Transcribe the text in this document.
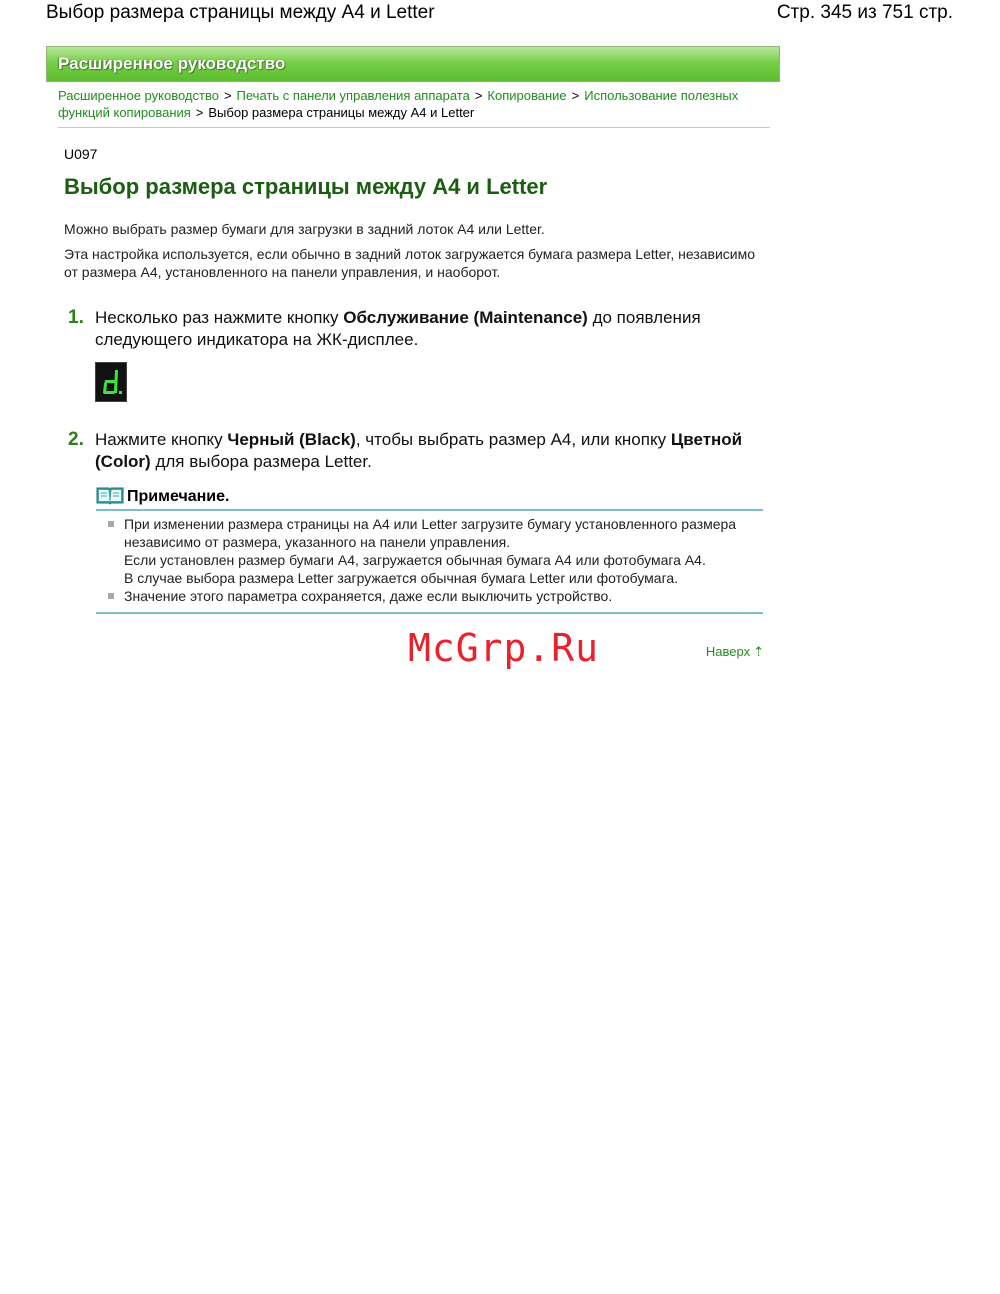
Выбор размера страницы между А4 и Letter	Стр. 345 из 751 стр.
Расширенное руководство
Расширенное руководство > Печать с панели управления аппарата > Копирование > Использование полезных функций копирования > Выбор размера страницы между А4 и Letter
U097
Выбор размера страницы между A4 и Letter

Можно выбрать размер бумаги для загрузки в задний лоток A4 или Letter.

Эта настройка используется, если обычно в задний лоток загружается бумага размера Letter, независимо от размера A4, установленного на панели управления, и наоборот.

1. Несколько раз нажмите кнопку Обслуживание (Maintenance) до появления следующего индикатора на ЖК-дисплее.
2. Нажмите кнопку Черный (Black), чтобы выбрать размер A4, или кнопку Цветной (Color) для выбора размера Letter.
Примечание.
При изменении размера страницы на A4 или Letter загрузите бумагу установленного размера независимо от размера, указанного на панели управления.
Если установлен размер бумаги A4, загружается обычная бумага A4 или фотобумага A4.
В случае выбора размера Letter загружается обычная бумага Letter или фотобумага.
Значение этого параметра сохраняется, даже если выключить устройство.
McGrp.Ru	Наверх ⇡
